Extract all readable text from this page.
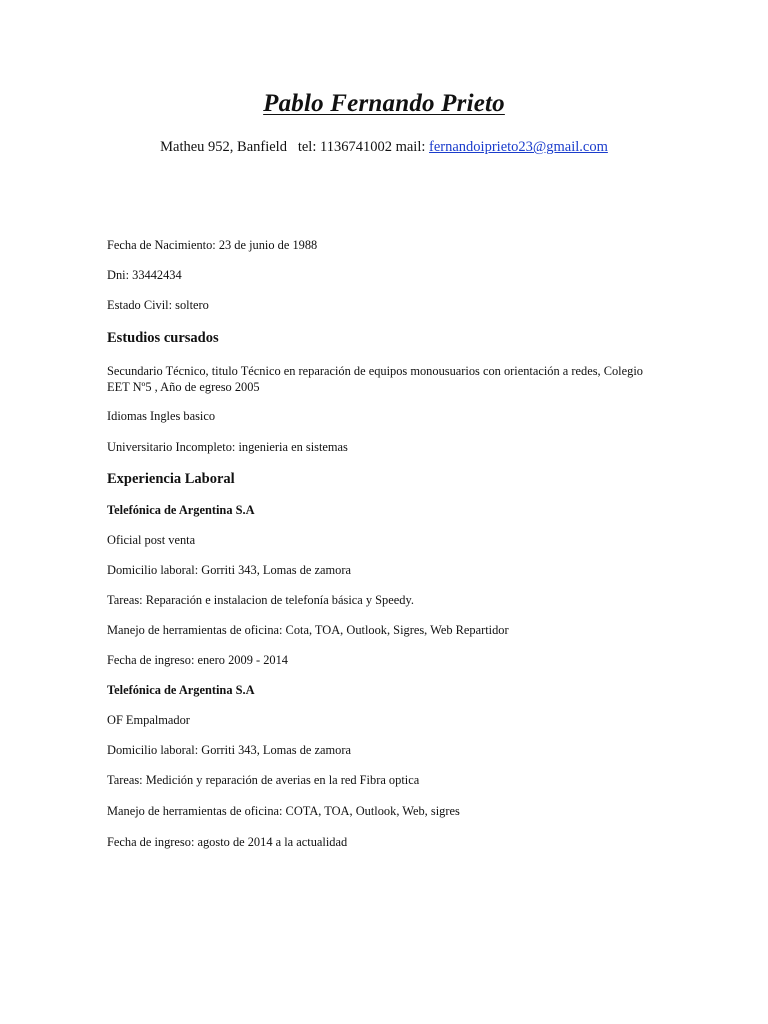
Pablo Fernando Prieto
Matheu 952, Banfield tel: 1136741002 mail: fernandoiprieto23@gmail.com

Fecha de Nacimiento: 23 de junio de 1988

Dni: 33442434

Estado Civil: soltero

Estudios cursados

Secundario Técnico, titulo Técnico en reparación de equipos monousuarios con orientación a redes, Colegio EET Nº5 , Año de egreso 2005

Idiomas Ingles basico

Universitario Incompleto: ingenieria en sistemas

Experiencia Laboral

Telefónica de Argentina S.A

Oficial post venta

Domicilio laboral: Gorriti 343, Lomas de zamora

Tareas: Reparación e instalacion de telefonía básica y Speedy.

Manejo de herramientas de oficina: Cota, TOA, Outlook, Sigres, Web Repartidor

Fecha de ingreso: enero 2009 - 2014

Telefónica de Argentina S.A

OF Empalmador

Domicilio laboral: Gorriti 343, Lomas de zamora

Tareas: Medición y reparación de averias en la red Fibra optica

Manejo de herramientas de oficina: COTA, TOA, Outlook, Web, sigres

Fecha de ingreso: agosto de 2014 a la actualidad
